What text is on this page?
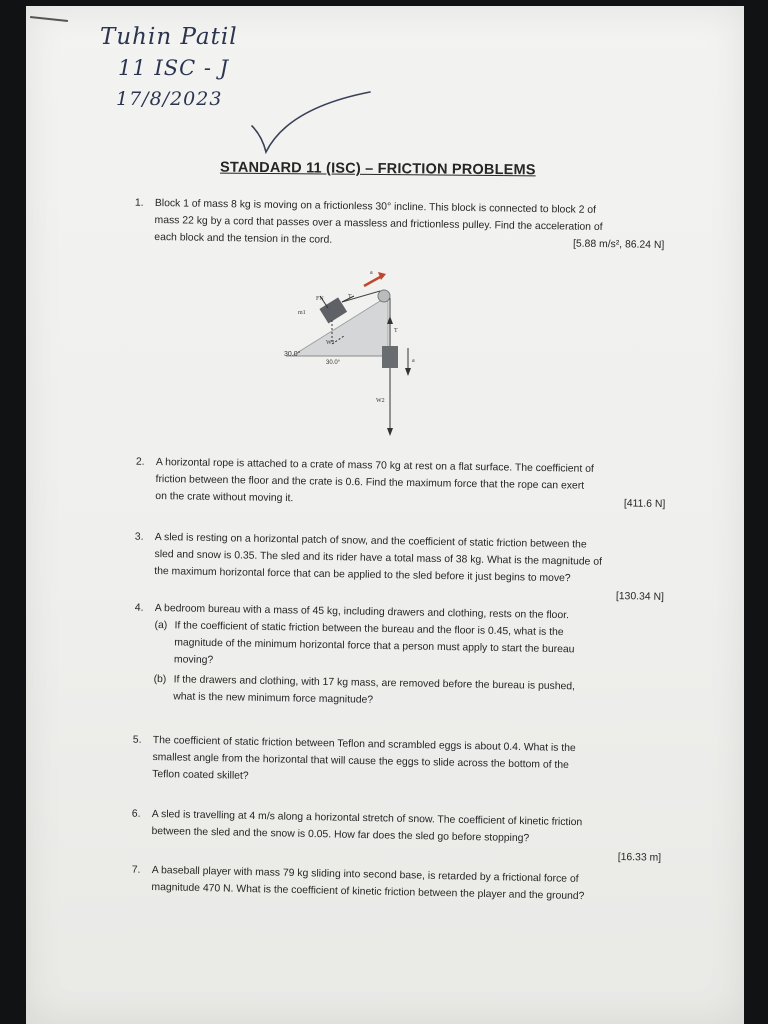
Tuhin Patil
11 ISC - J
17/8/2023
STANDARD 11 (ISC) – FRICTION PROBLEMS
1. Block 1 of mass 8 kg is moving on a frictionless 30° incline. This block is connected to block 2 of
mass 22 kg by a cord that passes over a massless and frictionless pulley. Find the acceleration of
each block and the tension in the cord.	[5.88 m/s², 86.24 N]
FN	T
m1
W1
30.0°
30.0°
T
W2
a
a
2. A horizontal rope is attached to a crate of mass 70 kg at rest on a flat surface. The coefficient of
friction between the floor and the crate is 0.6. Find the maximum force that the rope can exert
on the crate without moving it.
[411.6 N]
3. A sled is resting on a horizontal patch of snow, and the coefficient of static friction between the
sled and snow is 0.35. The sled and its rider have a total mass of 38 kg. What is the magnitude of
the maximum horizontal force that can be applied to the sled before it just begins to move?
[130.34 N]
4. A bedroom bureau with a mass of 45 kg, including drawers and clothing, rests on the floor.
(a) If the coefficient of static friction between the bureau and the floor is 0.45, what is the
magnitude of the minimum horizontal force that a person must apply to start the bureau
moving?
(b) If the drawers and clothing, with 17 kg mass, are removed before the bureau is pushed,
what is the new minimum force magnitude?
5. The coefficient of static friction between Teflon and scrambled eggs is about 0.4. What is the
smallest angle from the horizontal that will cause the eggs to slide across the bottom of the
Teflon coated skillet?
6. A sled is travelling at 4 m/s along a horizontal stretch of snow. The coefficient of kinetic friction
between the sled and the snow is 0.05. How far does the sled go before stopping?
[16.33 m]
7. A baseball player with mass 79 kg sliding into second base, is retarded by a frictional force of
magnitude 470 N. What is the coefficient of kinetic friction between the player and the ground?
